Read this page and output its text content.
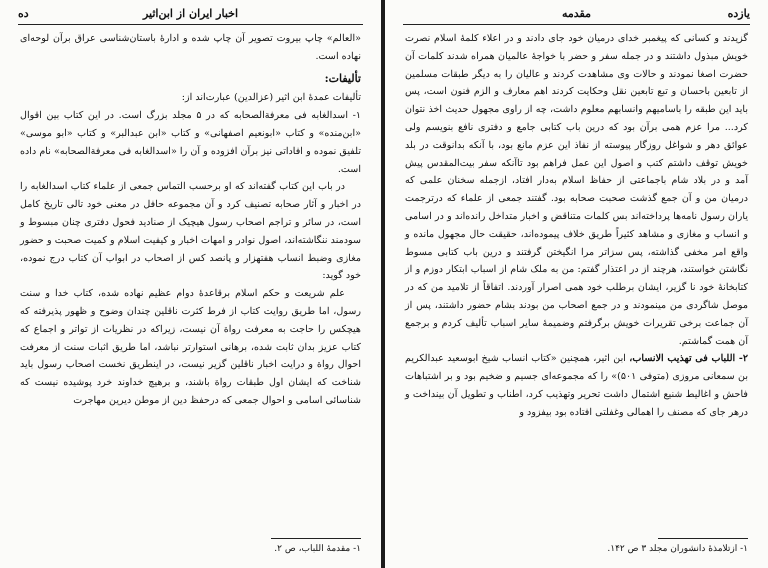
ده	اخبار ایران از ابن‌اثیر

«العالم» چاپ بیروت تصویر آن چاپ شده و ادارهٔ باستان‌شناسی عراق برآن لوحه‌ای نهاده است.

تألیفات:

تألیفات عمدهٔ ابن اثیر (عزالدین) عبارت‌اند از:

۱- اسدالغابه فی معرفةالصحابه که در ۵ مجلد بزرگ است. در این کتاب بین اقوال «ابن‌منده» و کتاب «ابونعیم اصفهانی» و کتاب «ابن عبدالبر» و کتاب «ابو موسی» تلفیق نموده و افاداتی نیز برآن افزوده و آن را «اسدالغابه فی معرفةالصحابه» نام داده است.

در باب این کتاب گفته‌اند که او برحسب التماس جمعی از علماء کتاب اسدالغابه را در اخبار و آثار صحابه تصنیف کرد و آن مجموعه حافل در معنی خود تالی تاریخ کامل است، در سائر و تراجم اصحاب رسول هیچیک از صنادید فحول دفتری چنان مبسوط و سودمند ننگاشته‌اند، اصول نوادر و امهات اخبار و کیفیت اسلام و کمیت صحبت و حضور مغازی وضبط انساب هفتهزار و پانصد کس از اصحاب در ابواب آن کتاب درج نموده، خود گوید:

علم شریعت و حکم اسلام برقاعدهٔ دوام عظیم نهاده شده، کتاب خدا و سنت رسول، اما طریق روایت کتاب از فرط کثرت ناقلین چندان وضوح و ظهور پذیرفته که هیچکس را حاجت به معرفت رواة آن نیست، زیراکه در نظریات از تواتر و اجماع که کتاب عزیز بدان ثابت شده، برهانی استوارتر نباشد، اما طریق اثبات سنت از معرفت احوال رواة و درایت اخبار ناقلین گزیر نیست، در اینطریق نخست اصحاب رسول باید شناخت که ایشان اول طبقات رواة باشند، و برهیچ خداوند خرد پوشیده نیست که شناسائی اسامی و احوال جمعی که درحفظ دین از موطن دیرین مهاجرت

۱- مقدمهٔ اللباب، ص ۲.
یازده
مقدمه

گزیدند و کسانی که پیغمبر خدای درمیان خود جای دادند و در اعلاء کلمهٔ اسلام نصرت خویش مبذول داشتند و در جمله سفر و حضر با خواجهٔ عالمیان همراه شدند کلمات آن حضرت اصغا نمودند و حالات وی مشاهدت کردند و عالیان را به دیگر طبقات مسلمین از تابعین باحسان و تبع تابعین نقل وحکایت کردند اهم معارف و الزم فنون است، پس باید این طبقه را باسامیهم وانسابهم معلوم داشت، چه از راوی مجهول حدیث اخذ نتوان کرد... مرا عزم همی برآن بود که درین باب کتابی جامع و دفتری نافع بنویسم ولی عوائق دهر و شواغل روزگار پیوسته از نفاذ این عزم مانع بود، با آنکه بدانوقت در بلد خویش توقف داشتم کتب و اصول این عمل فراهم بود تاآنکه سفر بیت‌المقدس پیش آمد و در بلاد شام باجماعتی از حفاظ اسلام به‌دار افتاد، ازجمله سخنان علمی که درمیان من و آن جمع گذشت صحبت صحابه بود. گفتند جمعی از علماء که درترجمت یاران رسول نامه‌ها پرداخته‌اند بس کلمات متناقض و اخبار متداخل رانده‌اند و در اسامی و انساب و مغازی و مشاهد کثیراً طریق خلاف پیموده‌اند، حقیقت حال مجهول مانده و واقع امر مخفی گذاشته، پس سزاتر مرا انگیختن گرفتند و درین باب کتابی مسوط نگاشتن خواستند، هرچند از در اعتذار گفتم: من به ملک شام از اسباب ابتکار دوزم و از کتابخانهٔ خود نا گزیر، ایشان برطلب خود همی اصرار آوردند. اتفاقاً از تلامید من که در موصل شاگردی من مینمودند و در جمع اصحاب من بودند بشام حضور داشتند، پس از آن جماعت برخی تقریرات خویش برگرفتم وضمیمهٔ سایر اسباب تألیف کردم و برجمع آن همت گماشتم.

۲- اللباب فی تهذیب الانساب، ابن اثیر، همچنین «کتاب انساب شیخ ابوسعید عبدالکریم بن سمعانی مروزی (متوفی ۵۰۱)» را که مجموعه‌ای جسیم و ضخیم بود و بر اشتباهات فاحش و اغالیط شنیع اشتمال داشت تحریر وتهذیب کرد، اطناب و تطویل آن بینداخت و درهر جای که مصنف را اهمالی وغفلتی افتاده بود بیفزود و

۱- ازتلامذهٔ دانشوران مجلد ۳ ص ۱۴۲.
